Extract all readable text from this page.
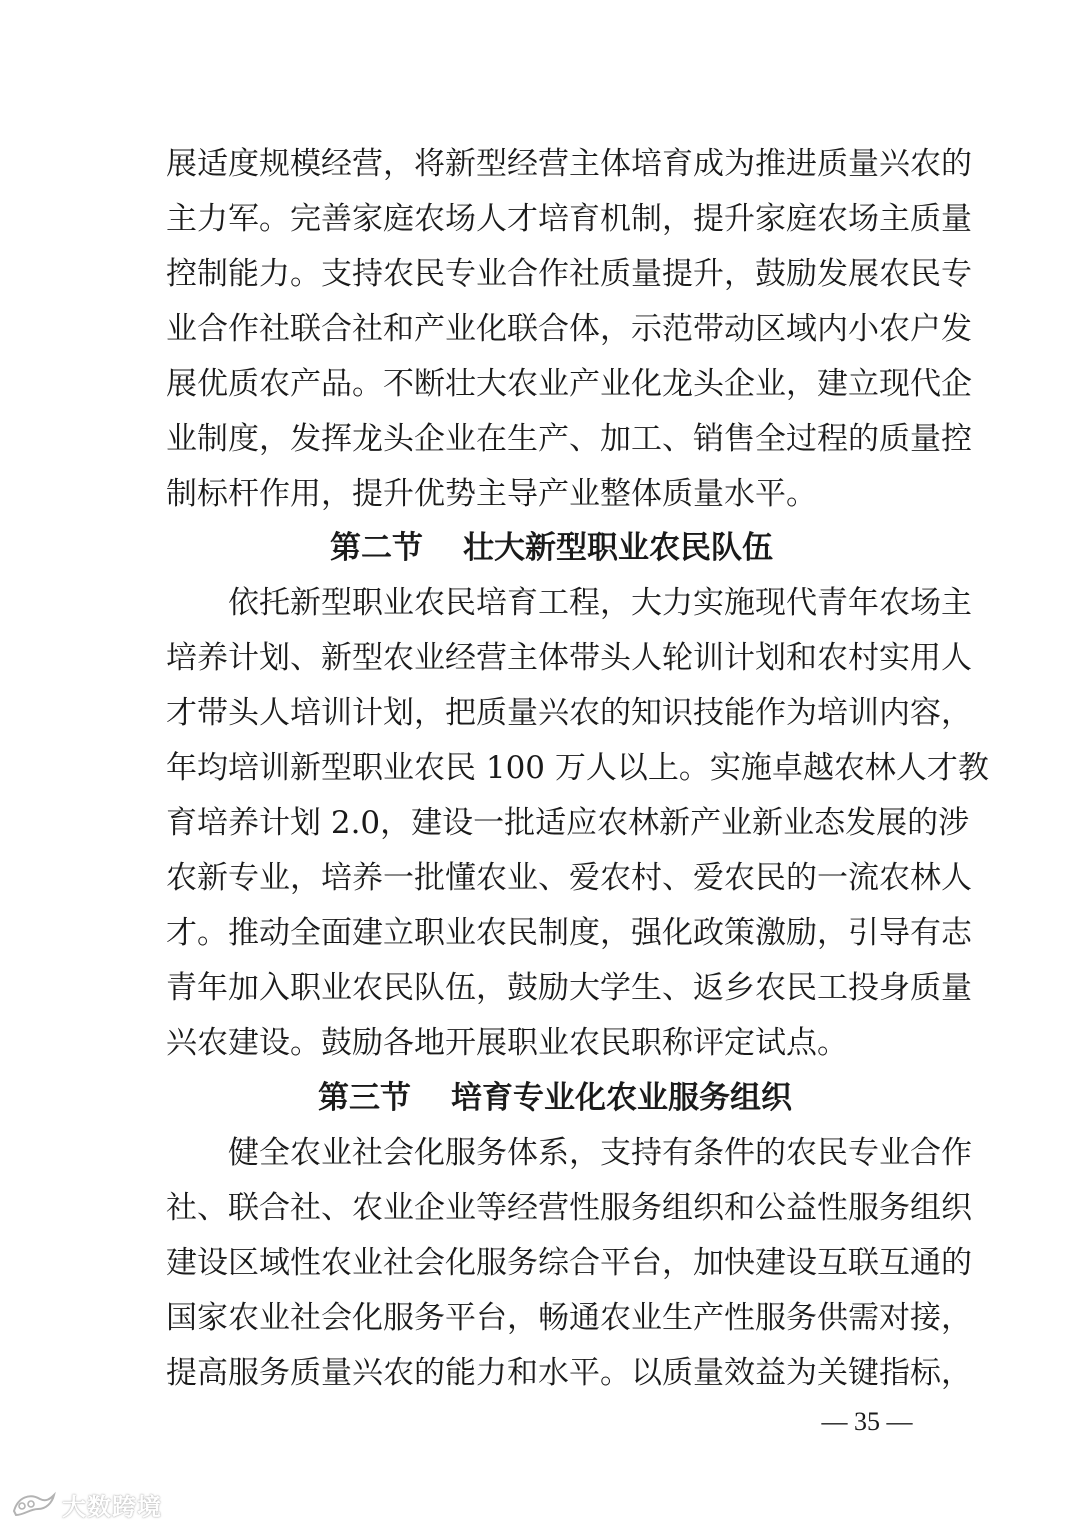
展适度规模经营，将新型经营主体培育成为推进质量兴农的
主力军。完善家庭农场人才培育机制，提升家庭农场主质量
控制能力。支持农民专业合作社质量提升，鼓励发展农民专
业合作社联合社和产业化联合体，示范带动区域内小农户发
展优质农产品。不断壮大农业产业化龙头企业，建立现代企
业制度，发挥龙头企业在生产、加工、销售全过程的质量控
制标杆作用，提升优势主导产业整体质量水平。
第二节 壮大新型职业农民队伍
依托新型职业农民培育工程，大力实施现代青年农场主
培养计划、新型农业经营主体带头人轮训计划和农村实用人
才带头人培训计划，把质量兴农的知识技能作为培训内容，
年均培训新型职业农民 100 万人以上。实施卓越农林人才教
育培养计划 2.0，建设一批适应农林新产业新业态发展的涉
农新专业，培养一批懂农业、爱农村、爱农民的一流农林人
才。推动全面建立职业农民制度，强化政策激励，引导有志
青年加入职业农民队伍，鼓励大学生、返乡农民工投身质量
兴农建设。鼓励各地开展职业农民职称评定试点。
第三节 培育专业化农业服务组织
健全农业社会化服务体系，支持有条件的农民专业合作
社、联合社、农业企业等经营性服务组织和公益性服务组织
建设区域性农业社会化服务综合平台，加快建设互联互通的
国家农业社会化服务平台，畅通农业生产性服务供需对接，
提高服务质量兴农的能力和水平。以质量效益为关键指标，
— 35 —
大数跨境
